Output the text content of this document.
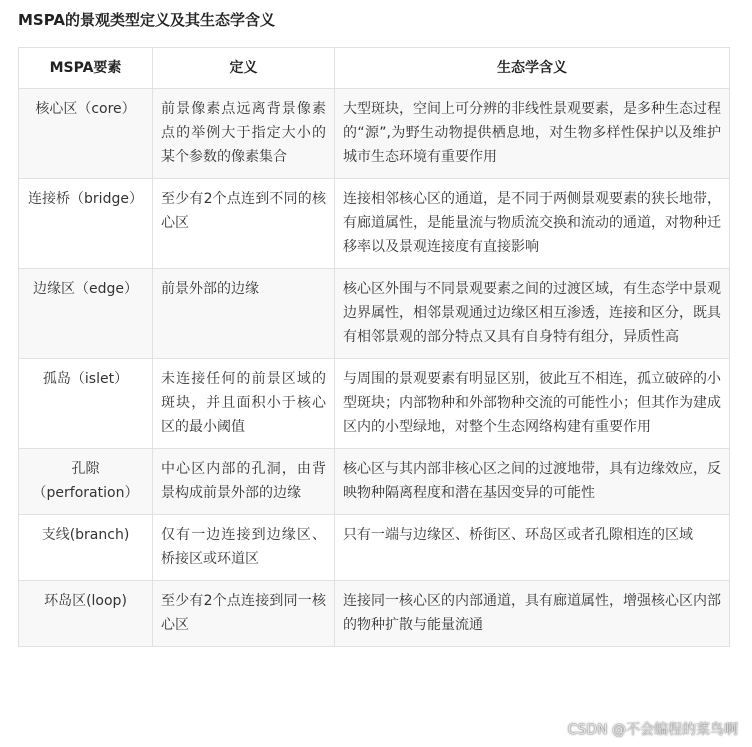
MSPA的景观类型定义及其生态学含义
MSPA要素	定义	生态学含义
核心区（core）	前景像素点远离背景像素点的举例大于指定大小的某个参数的像素集合	大型斑块，空间上可分辨的非线性景观要素，是多种生态过程的“源”,为野生动物提供栖息地，对生物多样性保护以及维护城市生态环境有重要作用
连接桥（bridge）	至少有2个点连到不同的核心区	连接相邻核心区的通道，是不同于两侧景观要素的狭长地带，有廊道属性，是能量流与物质流交换和流动的通道，对物种迁移率以及景观连接度有直接影响
边缘区（edge）	前景外部的边缘	核心区外围与不同景观要素之间的过渡区域，有生态学中景观边界属性，相邻景观通过边缘区相互渗透，连接和区分，既具有相邻景观的部分特点又具有自身特有组分，异质性高
孤岛（islet）	未连接任何的前景区域的斑块，并且面积小于核心区的最小阈值	与周围的景观要素有明显区别，彼此互不相连，孤立破碎的小型斑块；内部物种和外部物种交流的可能性小；但其作为建成区内的小型绿地，对整个生态网络构建有重要作用
孔隙（perforation）	中心区内部的孔洞，由背景构成前景外部的边缘	核心区与其内部非核心区之间的过渡地带，具有边缘效应，反映物种隔离程度和潜在基因变异的可能性
支线(branch)	仅有一边连接到边缘区、桥接区或环道区	只有一端与边缘区、桥街区、环岛区或者孔隙相连的区域
环岛区(loop)	至少有2个点连接到同一核心区	连接同一核心区的内部通道，具有廊道属性，增强核心区内部的物种扩散与能量流通
CSDN @不会编程的菜鸟啊
